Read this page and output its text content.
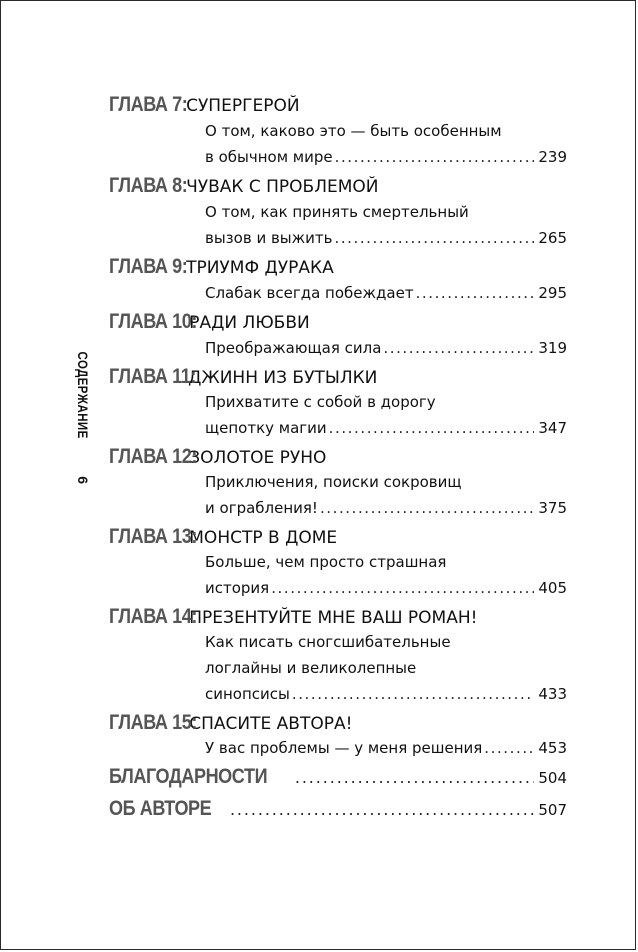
СОДЕРЖАНИЕ
6
ГЛАВА 7:
СУПЕРГЕРОЙ
О том, каково это — быть особенным
в обычном мире . . .	239
ГЛАВА 8:
ЧУВАК С ПРОБЛЕМОЙ
О том, как принять смертельный
вызов и выжить . . .	265
ГЛАВА 9:
ТРИУМФ ДУРАКА
Слабак всегда побеждает . . .	295
ГЛАВА 10:
РАДИ ЛЮБВИ
Преображающая сила . . .	319
ГЛАВА 11:
ДЖИНН ИЗ БУТЫЛКИ
Прихватите с собой в дорогу
щепотку магии . . .	347
ГЛАВА 12:
ЗОЛОТОЕ РУНО
Приключения, поиски сокровищ
и ограбления! . . .	375
ГЛАВА 13:
МОНСТР В ДОМЕ
Больше, чем просто страшная
история . . .	405
ГЛАВА 14:
ПРЕЗЕНТУЙТЕ МНЕ ВАШ РОМАН!
Как писать сногсшибательные
логлайны и великолепные
синопсисы . . .	433
ГЛАВА 15:
СПАСИТЕ АВТОРА!
У вас проблемы — у меня решения . . .	453
БЛАГОДАРНОСТИ . . .	504
ОБ АВТОРЕ . . .	507
